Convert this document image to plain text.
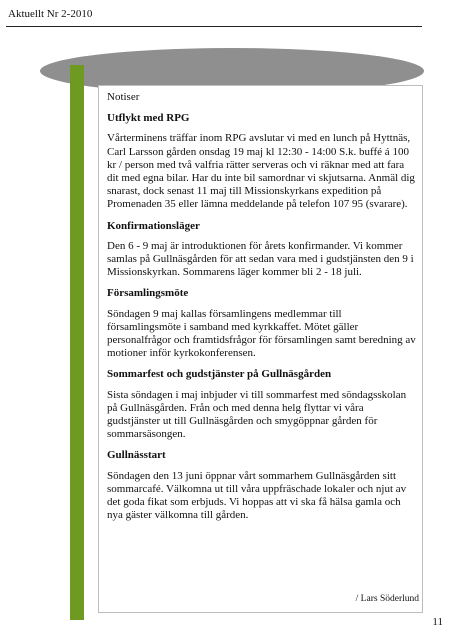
Aktuellt Nr 2-2010

Notiser

Utflykt med RPG

Vårterminens träffar inom RPG avslutar vi med en lunch på Hyttnäs, Carl Larsson gården onsdag 19 maj kl 12:30 - 14:00 S.k. buffé á 100 kr / person med två valfria rätter serveras och vi räknar med att fara dit med egna bilar. Har du inte bil samordnar vi skjutsarna. Anmäl dig snarast, dock senast 11 maj till Missionskyrkans expedition på Promenaden 35 eller lämna meddelande på telefon 107 95 (svarare).

Konfirmationsläger

Den 6 - 9 maj är introduktionen för årets konfirmander. Vi kommer samlas på Gullnäsgården för att sedan vara med i gudstjänsten den 9 i Missionskyrkan. Sommarens läger kommer bli 2 - 18 juli.

Församlingsmöte

Söndagen 9 maj kallas församlingens medlemmar till församlingsmöte i samband med kyrkkaffet. Mötet gäller personalfrågor och framtidsfrågor för församlingen samt beredning av motioner inför kyrkokonferensen.

Sommarfest och gudstjänster på Gullnäsgården

Sista söndagen i maj inbjuder vi till sommarfest med söndagsskolan på Gullnäsgården. Från och med denna helg flyttar vi våra gudstjänster ut till Gullnäsgården och smygöppnar gården för sommarsäsongen.

Gullnässtart

Söndagen den 13 juni öppnar vårt sommarhem Gullnäsgården sitt sommarcafé. Välkomna ut till våra uppfräschade lokaler och njut av det goda fikat som erbjuds. Vi hoppas att vi ska få hälsa gamla och nya gäster välkomna till gården.

/ Lars Söderlund
11
